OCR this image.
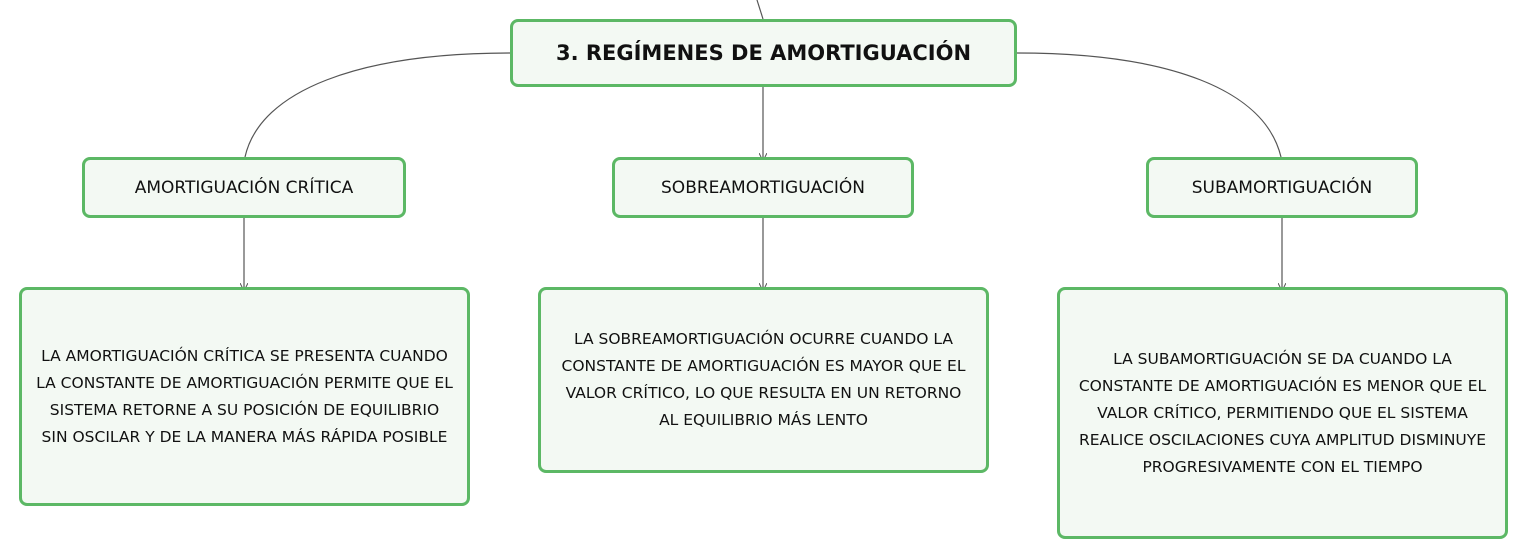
3. REGÍMENES DE AMORTIGUACIÓN
AMORTIGUACIÓN CRÍTICA	SOBREAMORTIGUACIÓN	SUBAMORTIGUACIÓN
LA AMORTIGUACIÓN CRÍTICA SE PRESENTA CUANDO LA CONSTANTE DE AMORTIGUACIÓN PERMITE QUE EL SISTEMA RETORNE A SU POSICIÓN DE EQUILIBRIO SIN OSCILAR Y DE LA MANERA MÁS RÁPIDA POSIBLE
LA SOBREAMORTIGUACIÓN OCURRE CUANDO LA CONSTANTE DE AMORTIGUACIÓN ES MAYOR QUE EL VALOR CRÍTICO, LO QUE RESULTA EN UN RETORNO AL EQUILIBRIO MÁS LENTO
LA SUBAMORTIGUACIÓN SE DA CUANDO LA CONSTANTE DE AMORTIGUACIÓN ES MENOR QUE EL VALOR CRÍTICO, PERMITIENDO QUE EL SISTEMA REALICE OSCILACIONES CUYA AMPLITUD DISMINUYE PROGRESIVAMENTE CON EL TIEMPO
